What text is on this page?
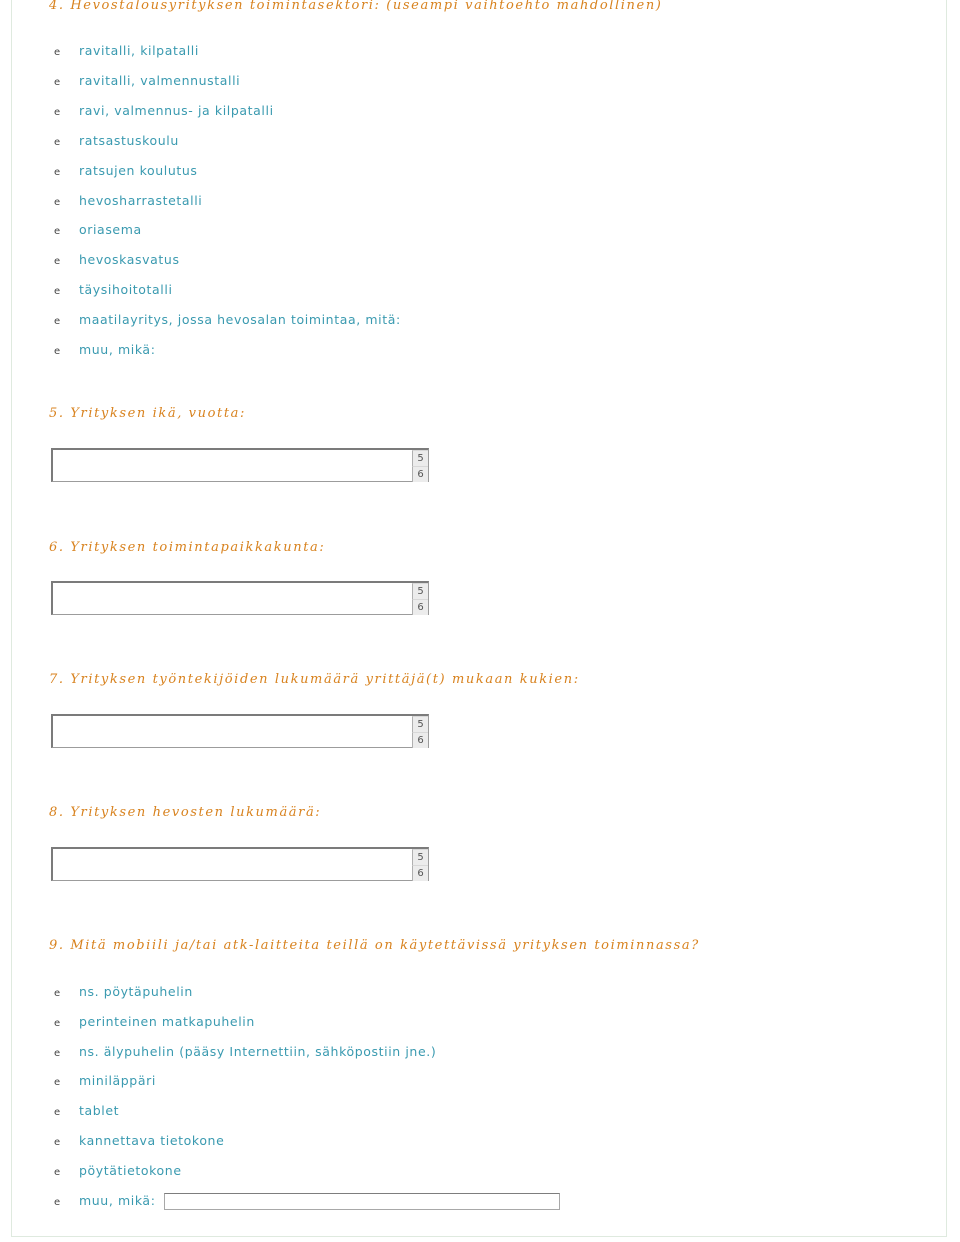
4. Hevostalousyrityksen toimintasektori: (useampi vaihtoehto mahdollinen)
e	ravitalli, kilpatalli
e	ravitalli, valmennustalli
e	ravi, valmennus- ja kilpatalli
e	ratsastuskoulu
e	ratsujen koulutus
e	hevosharrastetalli
e	oriasema
e	hevoskasvatus
e	täysihoitotalli
e	maatilayritys, jossa hevosalan toimintaa, mitä:
e	muu, mikä:
5. Yrityksen ikä, vuotta:
5
6
6. Yrityksen toimintapaikkakunta:
5
6
7. Yrityksen työntekijöiden lukumäärä yrittäjä(t) mukaan kukien:
5
6
8. Yrityksen hevosten lukumäärä:
5
6
9. Mitä mobiili ja/tai atk-laitteita teillä on käytettävissä yrityksen toiminnassa?
e	ns. pöytäpuhelin
e	perinteinen matkapuhelin
e	ns. älypuhelin (pääsy Internettiin, sähköpostiin jne.)
e	miniläppäri
e	tablet
e	kannettava tietokone
e	pöytätietokone
e	muu, mikä:
